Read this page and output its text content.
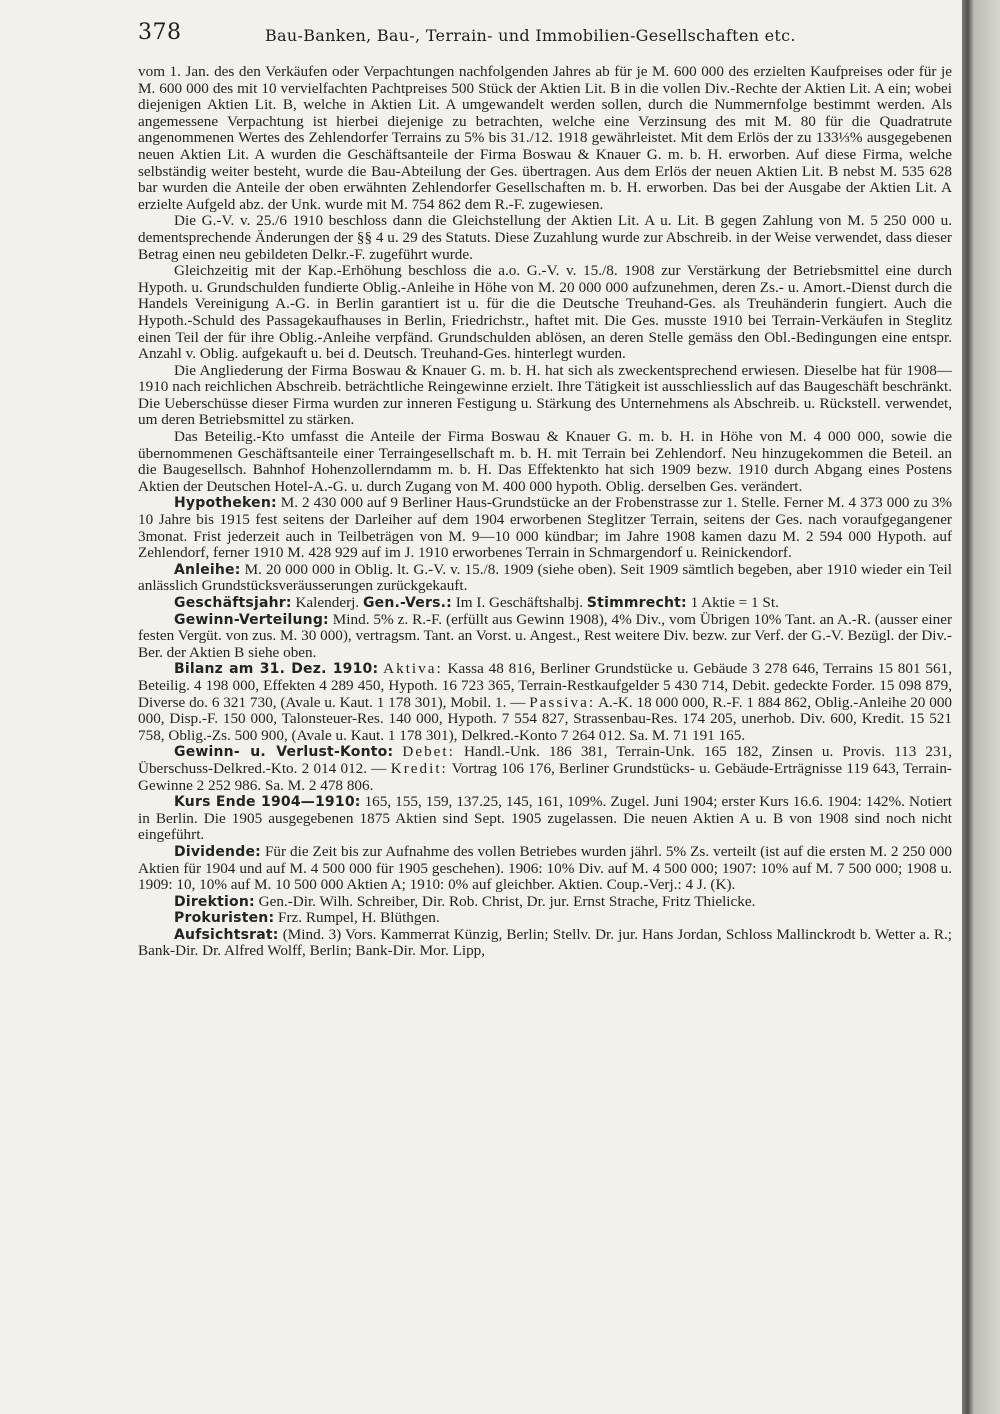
378	Bau-Banken, Bau-, Terrain- und Immobilien-Gesellschaften etc.

vom 1. Jan. des den Verkäufen oder Verpachtungen nachfolgenden Jahres ab für je M. 600 000 des erzielten Kaufpreises oder für je M. 600 000 des mit 10 vervielfachten Pachtpreises 500 Stück der Aktien Lit. B in die vollen Div.-Rechte der Aktien Lit. A ein; wobei diejenigen Aktien Lit. B, welche in Aktien Lit. A umgewandelt werden sollen, durch die Nummernfolge bestimmt werden. Als angemessene Verpachtung ist hierbei diejenige zu betrachten, welche eine Verzinsung des mit M. 80 für die Quadratrute angenommenen Wertes des Zehlendorfer Terrains zu 5% bis 31./12. 1918 gewährleistet. Mit dem Erlös der zu 133⅓% ausgegebenen neuen Aktien Lit. A wurden die Geschäftsanteile der Firma Boswau & Knauer G. m. b. H. erworben. Auf diese Firma, welche selbständig weiter besteht, wurde die Bau-Abteilung der Ges. übertragen. Aus dem Erlös der neuen Aktien Lit. B nebst M. 535 628 bar wurden die Anteile der oben erwähnten Zehlendorfer Gesellschaften m. b. H. erworben. Das bei der Ausgabe der Aktien Lit. A erzielte Aufgeld abz. der Unk. wurde mit M. 754 862 dem R.-F. zugewiesen.

Die G.-V. v. 25./6 1910 beschloss dann die Gleichstellung der Aktien Lit. A u. Lit. B gegen Zahlung von M. 5 250 000 u. dementsprechende Änderungen der §§ 4 u. 29 des Statuts. Diese Zuzahlung wurde zur Abschreib. in der Weise verwendet, dass dieser Betrag einen neu gebildeten Delkr.-F. zugeführt wurde.

Gleichzeitig mit der Kap.-Erhöhung beschloss die a.o. G.-V. v. 15./8. 1908 zur Verstärkung der Betriebsmittel eine durch Hypoth. u. Grundschulden fundierte Oblig.-Anleihe in Höhe von M. 20 000 000 aufzunehmen, deren Zs.- u. Amort.-Dienst durch die Handels Vereinigung A.-G. in Berlin garantiert ist u. für die die Deutsche Treuhand-Ges. als Treuhänderin fungiert. Auch die Hypoth.-Schuld des Passagekaufhauses in Berlin, Friedrichstr., haftet mit. Die Ges. musste 1910 bei Terrain-Verkäufen in Steglitz einen Teil der für ihre Oblig.-Anleihe verpfänd. Grundschulden ablösen, an deren Stelle gemäss den Obl.-Bedingungen eine entspr. Anzahl v. Oblig. aufgekauft u. bei d. Deutsch. Treuhand-Ges. hinterlegt wurden.

Die Angliederung der Firma Boswau & Knauer G. m. b. H. hat sich als zweckentsprechend erwiesen. Dieselbe hat für 1908—1910 nach reichlichen Abschreib. beträchtliche Reingewinne erzielt. Ihre Tätigkeit ist ausschliesslich auf das Baugeschäft beschränkt. Die Ueberschüsse dieser Firma wurden zur inneren Festigung u. Stärkung des Unternehmens als Abschreib. u. Rückstell. verwendet, um deren Betriebsmittel zu stärken.

Das Beteilig.-Kto umfasst die Anteile der Firma Boswau & Knauer G. m. b. H. in Höhe von M. 4 000 000, sowie die übernommenen Geschäftsanteile einer Terraingesellschaft m. b. H. mit Terrain bei Zehlendorf. Neu hinzugekommen die Beteil. an die Baugesellsch. Bahnhof Hohenzollerndamm m. b. H. Das Effektenkto hat sich 1909 bezw. 1910 durch Abgang eines Postens Aktien der Deutschen Hotel-A.-G. u. durch Zugang von M. 400 000 hypoth. Oblig. derselben Ges. verändert.

Hypotheken: M. 2 430 000 auf 9 Berliner Haus-Grundstücke an der Frobenstrasse zur 1. Stelle. Ferner M. 4 373 000 zu 3% 10 Jahre bis 1915 fest seitens der Darleiher auf dem 1904 erworbenen Steglitzer Terrain, seitens der Ges. nach voraufgegangener 3monat. Frist jederzeit auch in Teilbeträgen von M. 9—10 000 kündbar; im Jahre 1908 kamen dazu M. 2 594 000 Hypoth. auf Zehlendorf, ferner 1910 M. 428 929 auf im J. 1910 erworbenes Terrain in Schmargendorf u. Reinickendorf.

Anleihe: M. 20 000 000 in Oblig. lt. G.-V. v. 15./8. 1909 (siehe oben). Seit 1909 sämtlich begeben, aber 1910 wieder ein Teil anlässlich Grundstücksveräusserungen zurückgekauft.

Geschäftsjahr: Kalenderj. Gen.-Vers.: Im I. Geschäftshalbj. Stimmrecht: 1 Aktie = 1 St.

Gewinn-Verteilung: Mind. 5% z. R.-F. (erfüllt aus Gewinn 1908), 4% Div., vom Übrigen 10% Tant. an A.-R. (ausser einer festen Vergüt. von zus. M. 30 000), vertragsm. Tant. an Vorst. u. Angest., Rest weitere Div. bezw. zur Verf. der G.-V. Bezügl. der Div.-Ber. der Aktien B siehe oben.

Bilanz am 31. Dez. 1910: Aktiva: Kassa 48 816, Berliner Grundstücke u. Gebäude 3 278 646, Terrains 15 801 561, Beteilig. 4 198 000, Effekten 4 289 450, Hypoth. 16 723 365, Terrain-Restkaufgelder 5 430 714, Debit. gedeckte Forder. 15 098 879, Diverse do. 6 321 730, (Avale u. Kaut. 1 178 301), Mobil. 1. — Passiva: A.-K. 18 000 000, R.-F. 1 884 862, Oblig.-Anleihe 20 000 000, Disp.-F. 150 000, Talonsteuer-Res. 140 000, Hypoth. 7 554 827, Strassenbau-Res. 174 205, unerhob. Div. 600, Kredit. 15 521 758, Oblig.-Zs. 500 900, (Avale u. Kaut. 1 178 301), Delkred.-Konto 7 264 012. Sa. M. 71 191 165.

Gewinn- u. Verlust-Konto: Debet: Handl.-Unk. 186 381, Terrain-Unk. 165 182, Zinsen u. Provis. 113 231, Überschuss-Delkred.-Kto. 2 014 012. — Kredit: Vortrag 106 176, Berliner Grundstücks- u. Gebäude-Erträgnisse 119 643, Terrain-Gewinne 2 252 986. Sa. M. 2 478 806.

Kurs Ende 1904—1910: 165, 155, 159, 137.25, 145, 161, 109%. Zugel. Juni 1904; erster Kurs 16.6. 1904: 142%. Notiert in Berlin. Die 1905 ausgegebenen 1875 Aktien sind Sept. 1905 zugelassen. Die neuen Aktien A u. B von 1908 sind noch nicht eingeführt.

Dividende: Für die Zeit bis zur Aufnahme des vollen Betriebes wurden jährl. 5% Zs. verteilt (ist auf die ersten M. 2 250 000 Aktien für 1904 und auf M. 4 500 000 für 1905 geschehen). 1906: 10% Div. auf M. 4 500 000; 1907: 10% auf M. 7 500 000; 1908 u. 1909: 10, 10% auf M. 10 500 000 Aktien A; 1910: 0% auf gleichber. Aktien. Coup.-Verj.: 4 J. (K).

Direktion: Gen.-Dir. Wilh. Schreiber, Dir. Rob. Christ, Dr. jur. Ernst Strache, Fritz Thielicke.

Prokuristen: Frz. Rumpel, H. Blüthgen.

Aufsichtsrat: (Mind. 3) Vors. Kammerrat Künzig, Berlin; Stellv. Dr. jur. Hans Jordan, Schloss Mallinckrodt b. Wetter a. R.; Bank-Dir. Dr. Alfred Wolff, Berlin; Bank-Dir. Mor. Lipp,
